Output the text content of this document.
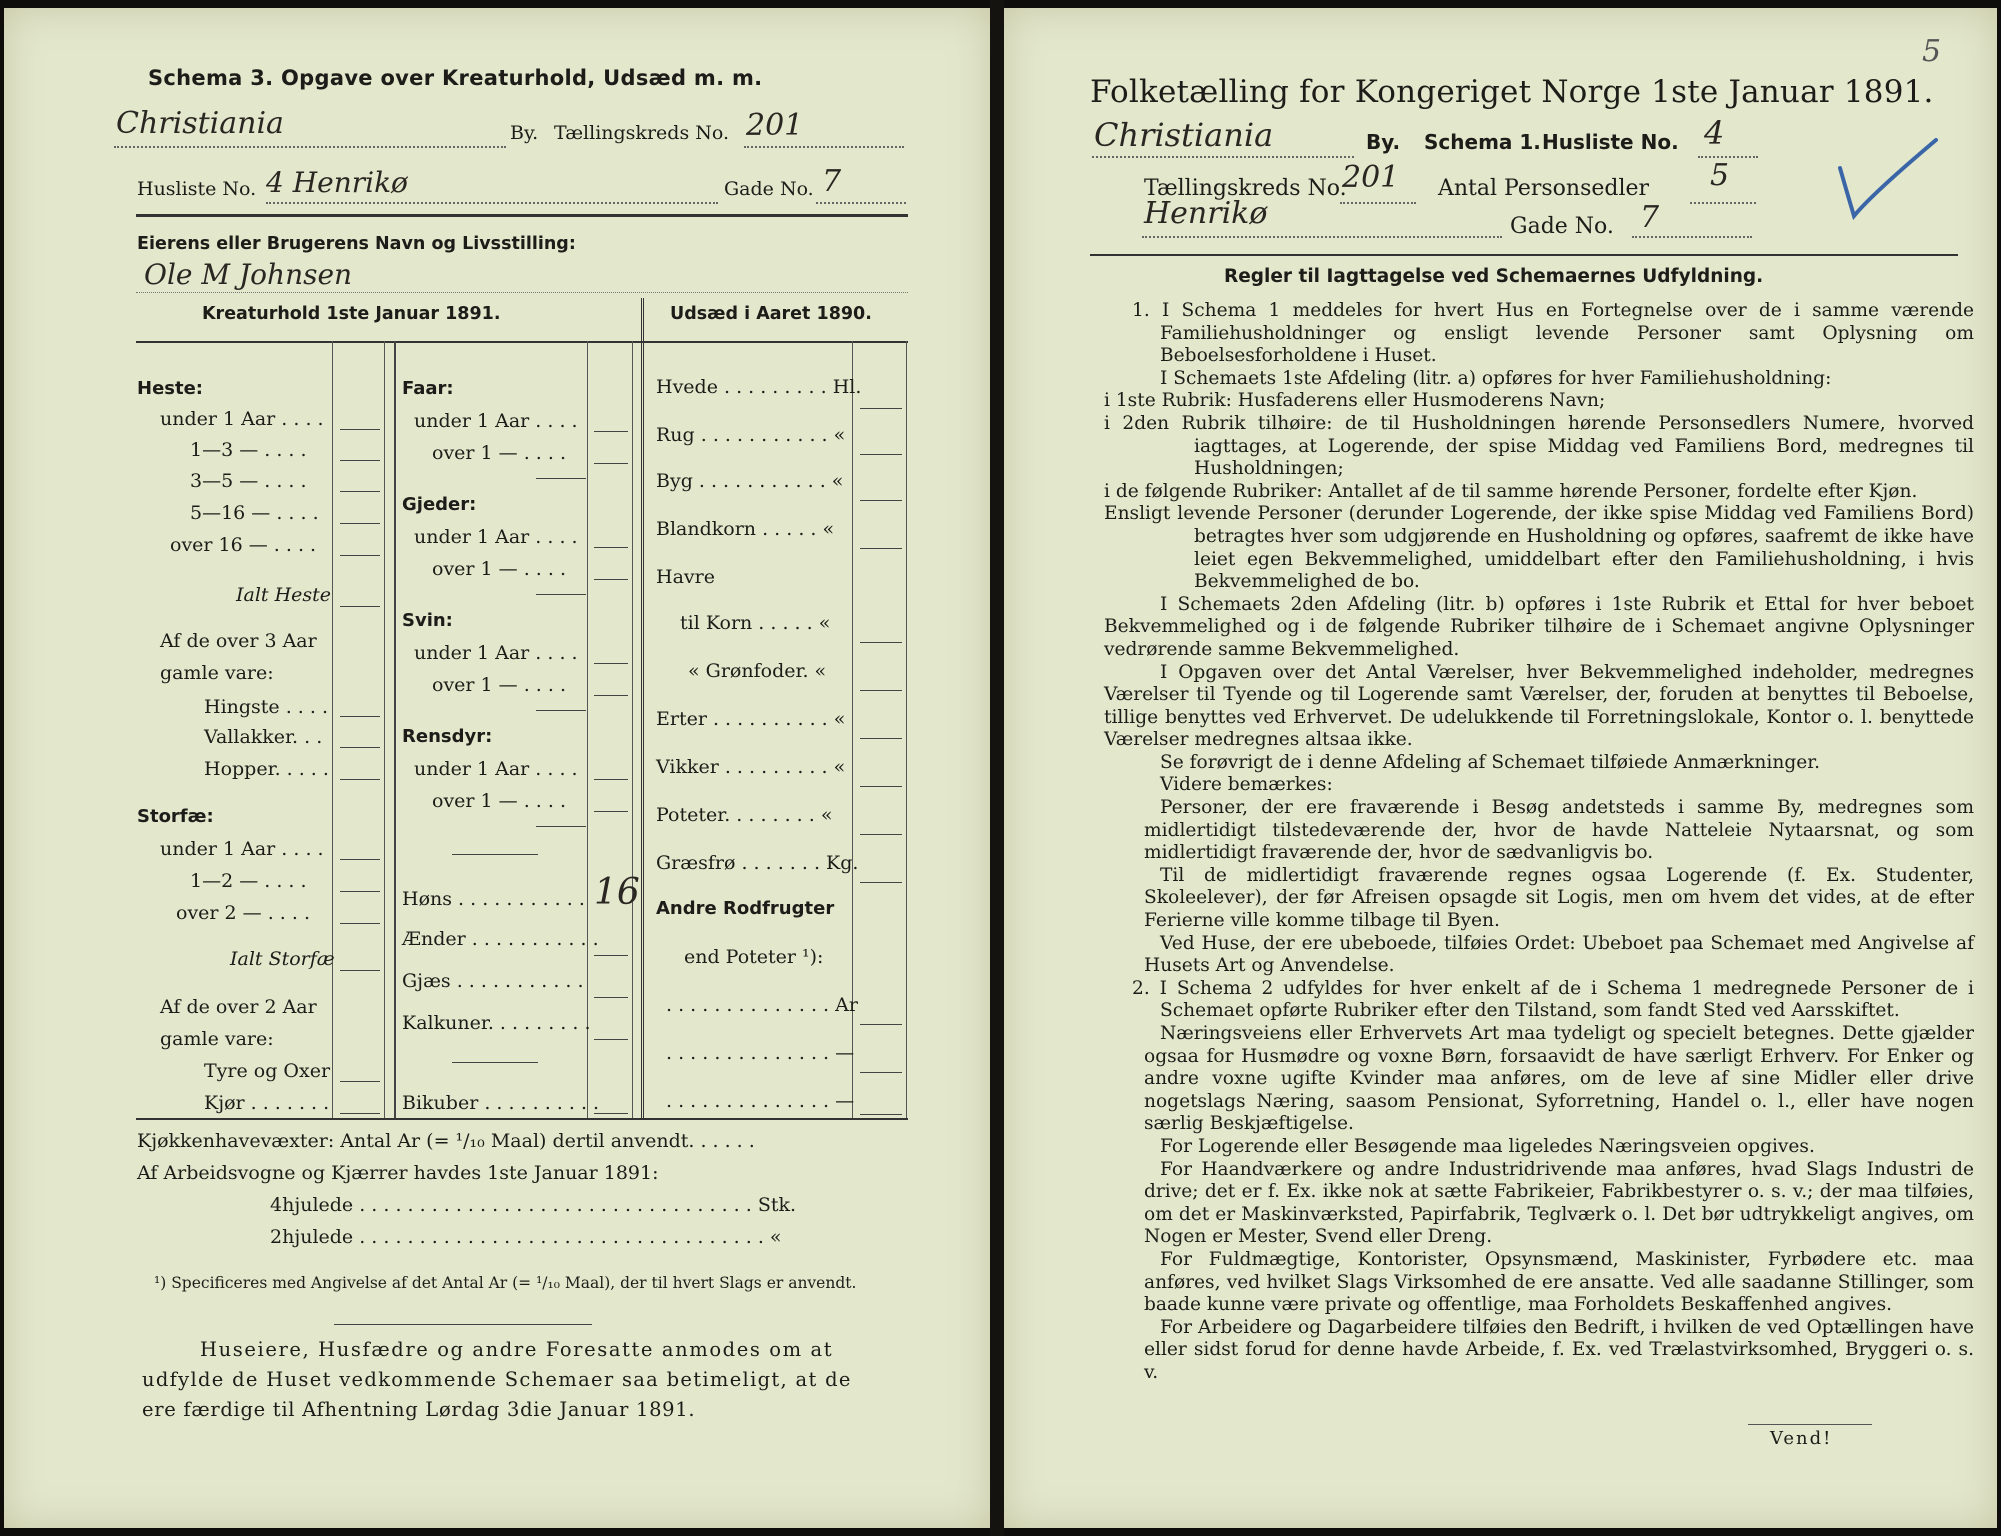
Schema 3. Opgave over Kreaturhold, Udsæd m. m.
Christiania	By. Tællingskreds No. 201
Husliste No. 4 Henrikø	Gade No. 7
Eierens eller Brugerens Navn og Livsstilling:
Ole M Johnsen
Kreaturhold 1ste Januar 1891.	Udsæd i Aaret 1890.
Heste:
under 1 Aar . . . .
1—3 — . . . .
3—5 — . . . .
5—16 — . . . .
over 16 — . . . .
Ialt Heste
Af de over 3 Aar
gamle vare:
Hingste . . . .
Vallakker. . .
Hopper. . . . .
Storfæ:
under 1 Aar . . . .
1—2 — . . . .
over 2 — . . . .
Ialt Storfæ
Af de over 2 Aar
gamle vare:
Tyre og Oxer
Kjør . . . . . . .
Faar:
under 1 Aar . . . .
over 1 — . . . .
Gjeder:
under 1 Aar . . . .
over 1 — . . . .
Svin:
under 1 Aar . . . .
over 1 — . . . .
Rensdyr:
under 1 Aar . . . .
over 1 — . . . .
Høns . . . . . . . . . . . 16
Ænder . . . . . . . . . . .
Gjæs . . . . . . . . . . .
Kalkuner. . . . . . . . .
Bikuber . . . . . . . . . .
Hvede . . . . . . . . . Hl.
Rug . . . . . . . . . . . «
Byg . . . . . . . . . . . «
Blandkorn . . . . . «
Havre
til Korn . . . . . «
« Grønfoder. «
Erter . . . . . . . . . . «
Vikker . . . . . . . . . «
Poteter. . . . . . . . «
Græsfrø . . . . . . . Kg.
Andre Rodfrugter
end Poteter ¹):
. . . . . . . . . . . . . . Ar
. . . . . . . . . . . . . . —
. . . . . . . . . . . . . . —
Kjøkkenhavevæxter: Antal Ar (= ¹/₁₀ Maal) dertil anvendt. . . . . .
Af Arbeidsvogne og Kjærrer havdes 1ste Januar 1891:
4hjulede . . . . . . . . . . . . . . . . . . . . . . . . . . . . . . . . . Stk.
2hjulede . . . . . . . . . . . . . . . . . . . . . . . . . . . . . . . . . . «
¹) Specificeres med Angivelse af det Antal Ar (= ¹/₁₀ Maal), der til hvert Slags er anvendt.
Huseiere, Husfædre og andre Foresatte anmodes om at
udfylde de Huset vedkommende Schemaer saa betimeligt, at de
ere færdige til Afhentning Lørdag 3die Januar 1891.
5
Folketælling for Kongeriget Norge 1ste Januar 1891.
Christiania	By. Schema 1. Husliste No. 4
Tællingskreds No.
201 Antal Personsedler 5
Henrikø	Gade No. 7
Regler til Iagttagelse ved Schemaernes Udfyldning.

1. I Schema 1 meddeles for hvert Hus en Fortegnelse over de i samme værende Familiehusholdninger og ensligt levende Personer samt Oplysning om Beboelsesforholdene i Huset.

I Schemaets 1ste Afdeling (litr. a) opføres for hver Familiehusholdning:

i 1ste Rubrik: Husfaderens eller Husmoderens Navn;

i 2den Rubrik tilhøire: de til Husholdningen hørende Personsedlers Numere, hvorved iagttages, at Logerende, der spise Middag ved Familiens Bord, medregnes til Husholdningen;

i de følgende Rubriker: Antallet af de til samme hørende Personer, fordelte efter Kjøn.

Ensligt levende Personer (derunder Logerende, der ikke spise Middag ved Familiens Bord) betragtes hver som udgjørende en Husholdning og opføres, saafremt de ikke have leiet egen Bekvemmelighed, umiddelbart efter den Familiehusholdning, i hvis Bekvemmelighed de bo.

I Schemaets 2den Afdeling (litr. b) opføres i 1ste Rubrik et Ettal for hver beboet Bekvemmelighed og i de følgende Rubriker tilhøire de i Schemaet angivne Oplysninger vedrørende samme Bekvemmelighed.

I Opgaven over det Antal Værelser, hver Bekvemmelighed indeholder, medregnes Værelser til Tyende og til Logerende samt Værelser, der, foruden at benyttes til Beboelse, tillige benyttes ved Erhvervet. De udelukkende til Forretningslokale, Kontor o. l. benyttede Værelser medregnes altsaa ikke.

Se forøvrigt de i denne Afdeling af Schemaet tilføiede Anmærkninger.

Videre bemærkes:

Personer, der ere fraværende i Besøg andetsteds i samme By, medregnes som midlertidigt tilstedeværende der, hvor de havde Natteleie Nytaarsnat, og som midlertidigt fraværende der, hvor de sædvanligvis bo.

Til de midlertidigt fraværende regnes ogsaa Logerende (f. Ex. Studenter, Skoleelever), der før Afreisen opsagde sit Logis, men om hvem det vides, at de efter Ferierne ville komme tilbage til Byen.

Ved Huse, der ere ubeboede, tilføies Ordet: Ubeboet paa Schemaet med Angivelse af Husets Art og Anvendelse.

2. I Schema 2 udfyldes for hver enkelt af de i Schema 1 medregnede Personer de i Schemaet opførte Rubriker efter den Tilstand, som fandt Sted ved Aarsskiftet.

Næringsveiens eller Erhvervets Art maa tydeligt og specielt betegnes. Dette gjælder ogsaa for Husmødre og voxne Børn, forsaavidt de have særligt Erhverv. For Enker og andre voxne ugifte Kvinder maa anføres, om de leve af sine Midler eller drive nogetslags Næring, saasom Pensionat, Syforretning, Handel o. l., eller have nogen særlig Beskjæftigelse.

For Logerende eller Besøgende maa ligeledes Næringsveien opgives.

For Haandværkere og andre Industridrivende maa anføres, hvad Slags Industri de drive; det er f. Ex. ikke nok at sætte Fabrikeier, Fabrikbestyrer o. s. v.; der maa tilføies, om det er Maskinværksted, Papirfabrik, Teglværk o. l. Det bør udtrykkeligt angives, om Nogen er Mester, Svend eller Dreng.

For Fuldmægtige, Kontorister, Opsynsmænd, Maskinister, Fyrbødere etc. maa anføres, ved hvilket Slags Virksomhed de ere ansatte. Ved alle saadanne Stillinger, som baade kunne være private og offentlige, maa Forholdets Beskaffenhed angives.

For Arbeidere og Dagarbeidere tilføies den Bedrift, i hvilken de ved Optællingen have eller sidst forud for denne havde Arbeide, f. Ex. ved Trælastvirksomhed, Bryggeri o. s. v.

Vend!
